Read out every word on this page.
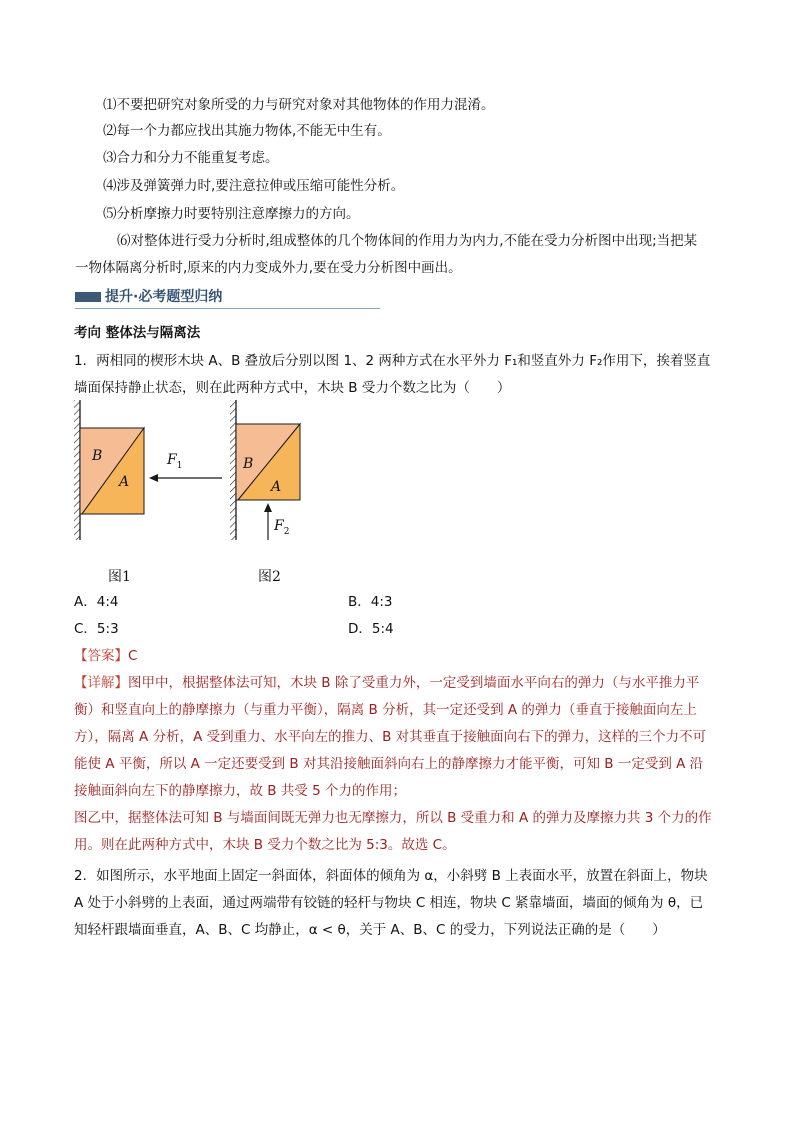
⑴不要把研究对象所受的力与研究对象对其他物体的作用力混淆。
⑵每一个力都应找出其施力物体,不能无中生有。
⑶合力和分力不能重复考虑。
⑷涉及弹簧弹力时,要注意拉伸或压缩可能性分析。
⑸分析摩擦力时要特别注意摩擦力的方向。
⑹对整体进行受力分析时,组成整体的几个物体间的作用力为内力,不能在受力分析图中出现;当把某
一物体隔离分析时,原来的内力变成外力,要在受力分析图中画出。
提升·必考题型归纳
考向 整体法与隔离法
1．两相同的楔形木块 A、B 叠放后分别以图 1、2 两种方式在水平外力 F₁和竖直外力 F₂作用下，挨着竖直
墙面保持静止状态，则在此两种方式中，木块 B 受力个数之比为（　　）
B
A
$F_1$	B
A
$F_2$
图1	图2
A．4:4	B．4:3
C．5:3	D．5:4
【答案】C
【详解】图甲中，根据整体法可知，木块 B 除了受重力外，一定受到墙面水平向右的弹力（与水平推力平
衡）和竖直向上的静摩擦力（与重力平衡），隔离 B 分析，其一定还受到 A 的弹力（垂直于接触面向左上
方），隔离 A 分析，A 受到重力、水平向左的推力、B 对其垂直于接触面向右下的弹力，这样的三个力不可
能使 A 平衡，所以 A 一定还要受到 B 对其沿接触面斜向右上的静摩擦力才能平衡，可知 B 一定受到 A 沿
接触面斜向左下的静摩擦力，故 B 共受 5 个力的作用；
图乙中，据整体法可知 B 与墙面间既无弹力也无摩擦力，所以 B 受重力和 A 的弹力及摩擦力共 3 个力的作
用。则在此两种方式中，木块 B 受力个数之比为 5:3。故选 C。
2．如图所示，水平地面上固定一斜面体，斜面体的倾角为 α，小斜劈 B 上表面水平，放置在斜面上，物块
A 处于小斜劈的上表面，通过两端带有铰链的轻杆与物块 C 相连，物块 C 紧靠墙面，墙面的倾角为 θ，已
知轻杆跟墙面垂直，A、B、C 均静止，α < θ，关于 A、B、C 的受力，下列说法正确的是（　　）
